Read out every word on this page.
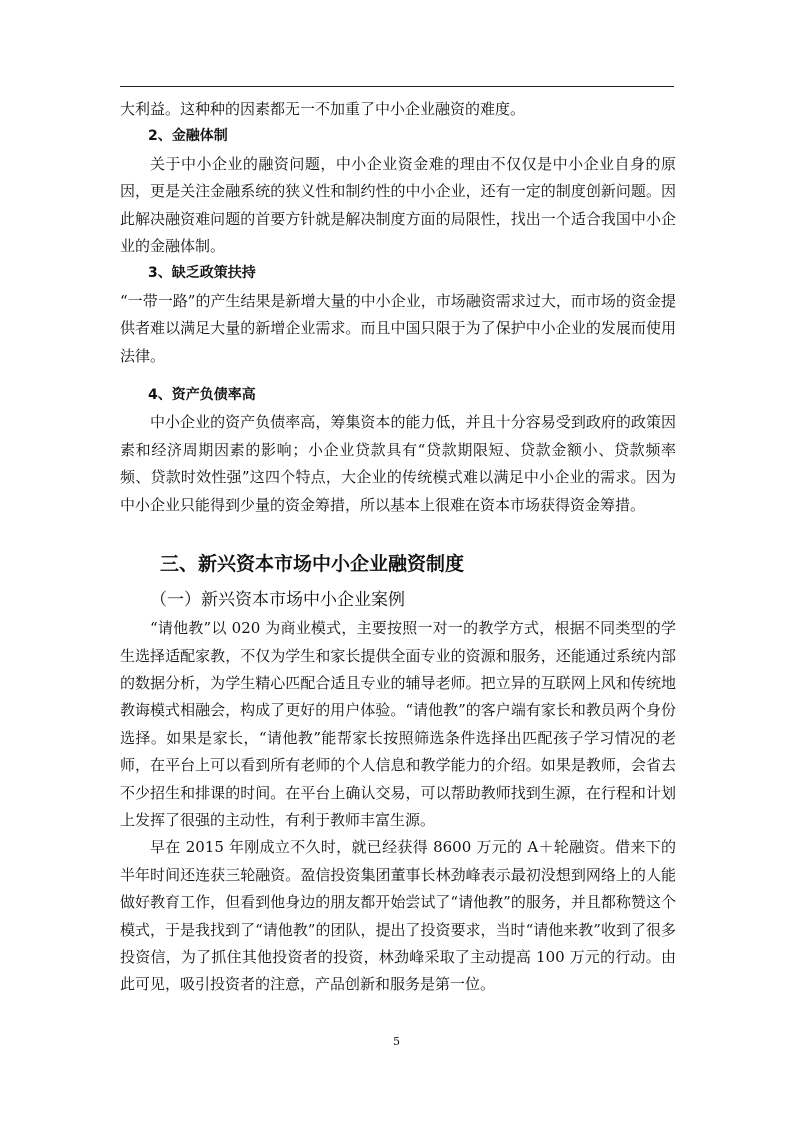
大利益。这种种的因素都无一不加重了中小企业融资的难度。

2、金融体制

关于中小企业的融资问题，中小企业资金难的理由不仅仅是中小企业自身的原因，更是关注金融系统的狭义性和制约性的中小企业，还有一定的制度创新问题。因此解决融资难问题的首要方针就是解决制度方面的局限性，找出一个适合我国中小企业的金融体制。

3、缺乏政策扶持

“一带一路”的产生结果是新增大量的中小企业，市场融资需求过大，而市场的资金提供者难以满足大量的新增企业需求。而且中国只限于为了保护中小企业的发展而使用法律。

4、资产负债率高

中小企业的资产负债率高，筹集资本的能力低，并且十分容易受到政府的政策因素和经济周期因素的影响；小企业贷款具有“贷款期限短、贷款金额小、贷款频率频、贷款时效性强”这四个特点，大企业的传统模式难以满足中小企业的需求。因为中小企业只能得到少量的资金筹措，所以基本上很难在资本市场获得资金筹措。

三、新兴资本市场中小企业融资制度
（一）新兴资本市场中小企业案例

“请他教”以 020 为商业模式，主要按照一对一的教学方式，根据不同类型的学生选择适配家教，不仅为学生和家长提供全面专业的资源和服务，还能通过系统内部的数据分析，为学生精心匹配合适且专业的辅导老师。把立异的互联网上风和传统地教诲模式相融会，构成了更好的用户体验。“请他教”的客户端有家长和教员两个身份选择。如果是家长，“请他教”能帮家长按照筛选条件选择出匹配孩子学习情况的老师，在平台上可以看到所有老师的个人信息和教学能力的介绍。如果是教师，会省去不少招生和排课的时间。在平台上确认交易，可以帮助教师找到生源，在行程和计划上发挥了很强的主动性，有利于教师丰富生源。

早在 2015 年刚成立不久时，就已经获得 8600 万元的 A＋轮融资。借来下的半年时间还连获三轮融资。盈信投资集团董事长林劲峰表示最初没想到网络上的人能做好教育工作，但看到他身边的朋友都开始尝试了“请他教”的服务，并且都称赞这个模式，于是我找到了“请他教”的团队，提出了投资要求，当时“请他来教”收到了很多投资信，为了抓住其他投资者的投资，林劲峰采取了主动提高 100 万元的行动。由此可见，吸引投资者的注意，产品创新和服务是第一位。

5
